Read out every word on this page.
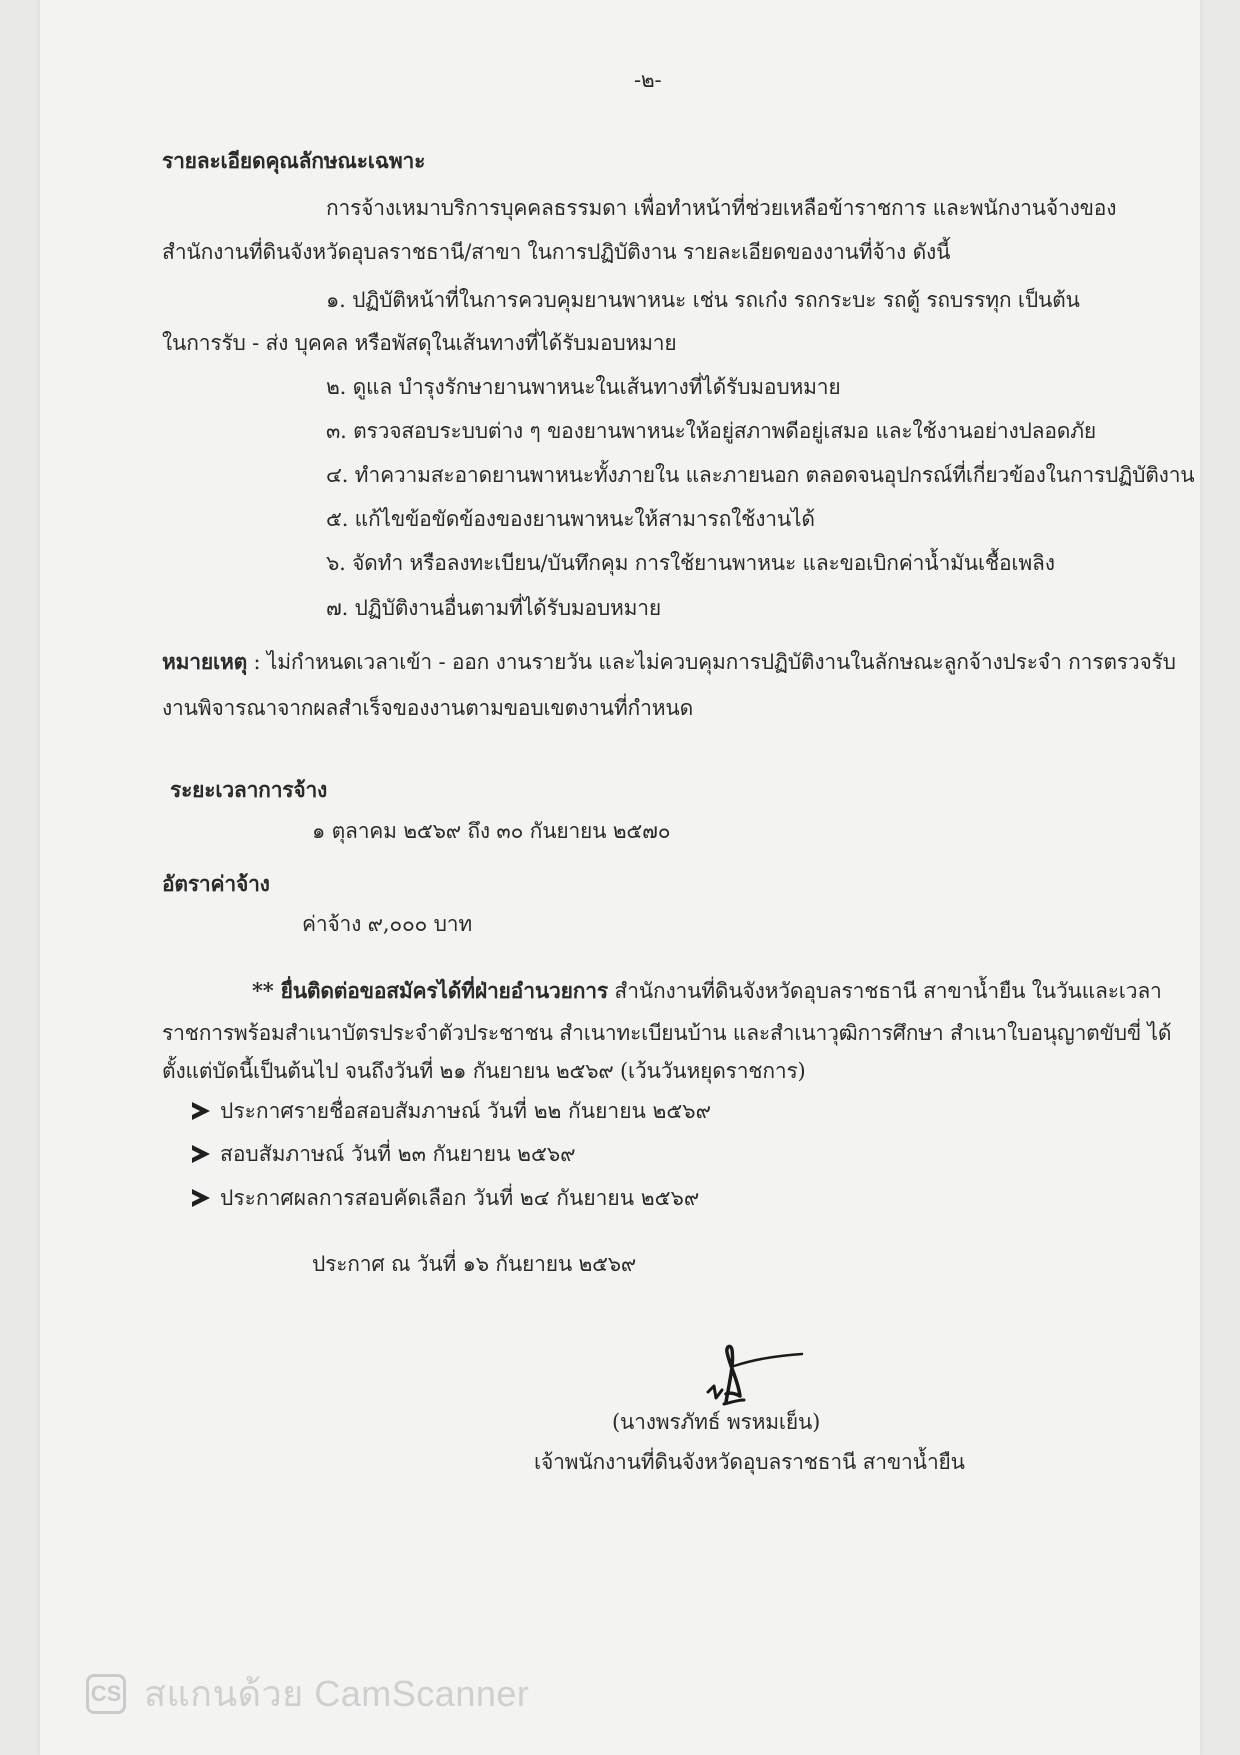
-๒-
รายละเอียดคุณลักษณะเฉพาะ
การจ้างเหมาบริการบุคคลธรรมดา เพื่อทำหน้าที่ช่วยเหลือข้าราชการ และพนักงานจ้างของ
สำนักงานที่ดินจังหวัดอุบลราชธานี/สาขา ในการปฏิบัติงาน รายละเอียดของงานที่จ้าง ดังนี้
๑. ปฏิบัติหน้าที่ในการควบคุมยานพาหนะ เช่น รถเก๋ง รถกระบะ รถตู้ รถบรรทุก เป็นต้น
ในการรับ - ส่ง บุคคล หรือพัสดุในเส้นทางที่ได้รับมอบหมาย
๒. ดูแล บำรุงรักษายานพาหนะในเส้นทางที่ได้รับมอบหมาย
๓. ตรวจสอบระบบต่าง ๆ ของยานพาหนะให้อยู่สภาพดีอยู่เสมอ และใช้งานอย่างปลอดภัย
๔. ทำความสะอาดยานพาหนะทั้งภายใน และภายนอก ตลอดจนอุปกรณ์ที่เกี่ยวข้องในการปฏิบัติงาน
๕. แก้ไขข้อขัดข้องของยานพาหนะให้สามารถใช้งานได้
๖. จัดทำ หรือลงทะเบียน/บันทึกคุม การใช้ยานพาหนะ และขอเบิกค่าน้ำมันเชื้อเพลิง
๗. ปฏิบัติงานอื่นตามที่ได้รับมอบหมาย
หมายเหตุ : ไม่กำหนดเวลาเข้า - ออก งานรายวัน และไม่ควบคุมการปฏิบัติงานในลักษณะลูกจ้างประจำ การตรวจรับ
งานพิจารณาจากผลสำเร็จของงานตามขอบเขตงานที่กำหนด
ระยะเวลาการจ้าง
๑ ตุลาคม ๒๕๖๙ ถึง ๓๐ กันยายน ๒๕๗๐
อัตราค่าจ้าง
ค่าจ้าง ๙,๐๐๐ บาท
** ยื่นติดต่อขอสมัครได้ที่ฝ่ายอำนวยการ สำนักงานที่ดินจังหวัดอุบลราชธานี สาขาน้ำยืน ในวันและเวลา
ราชการพร้อมสำเนาบัตรประจำตัวประชาชน สำเนาทะเบียนบ้าน และสำเนาวุฒิการศึกษา สำเนาใบอนุญาตขับขี่ ได้
ตั้งแต่บัดนี้เป็นต้นไป จนถึงวันที่ ๒๑ กันยายน ๒๕๖๙ (เว้นวันหยุดราชการ)
ประกาศรายชื่อสอบสัมภาษณ์ วันที่ ๒๒ กันยายน ๒๕๖๙
สอบสัมภาษณ์ วันที่ ๒๓ กันยายน ๒๕๖๙
ประกาศผลการสอบคัดเลือก วันที่ ๒๔ กันยายน ๒๕๖๙
ประกาศ ณ วันที่ ๑๖ กันยายน ๒๕๖๙
(นางพรภัทธ์ พรหมเย็น)
เจ้าพนักงานที่ดินจังหวัดอุบลราชธานี สาขาน้ำยืน
CS สแกนด้วย CamScanner
